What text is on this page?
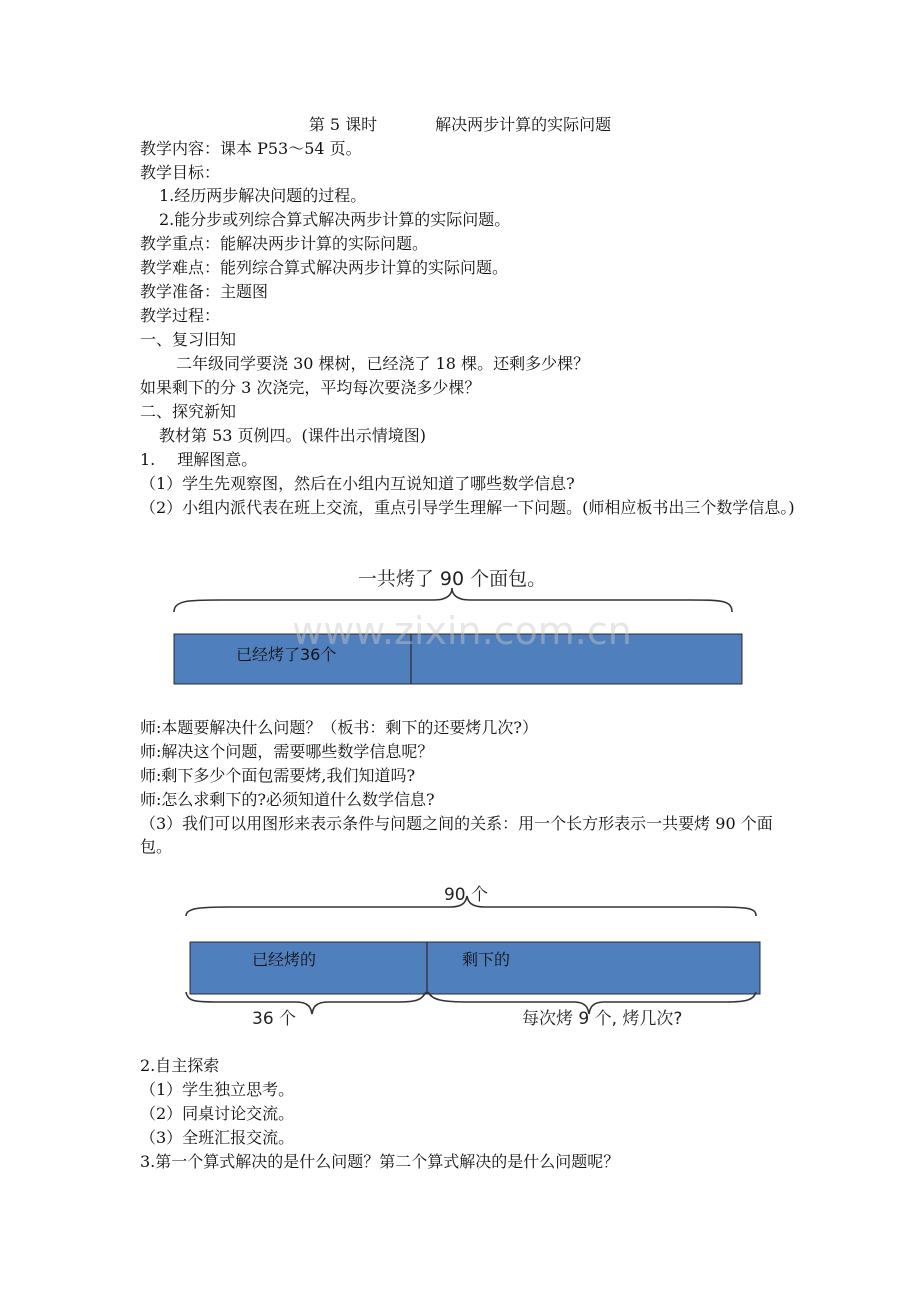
第 5 课时	解决两步计算的实际问题
教学内容：课本 P53～54 页。
教学目标：
1.经历两步解决问题的过程。
2.能分步或列综合算式解决两步计算的实际问题。
教学重点：能解决两步计算的实际问题。
教学难点：能列综合算式解决两步计算的实际问题。
教学准备：主题图
教学过程：
一、复习旧知
二年级同学要浇 30 棵树，已经浇了 18 棵。还剩多少棵？
如果剩下的分 3 次浇完，平均每次要浇多少棵？
二、探究新知
教材第 53 页例四。(课件出示情境图)
1. 理解图意。
（1）学生先观察图，然后在小组内互说知道了哪些数学信息?
（2）小组内派代表在班上交流，重点引导学生理解一下问题。(师相应板书出三个数学信息。)
一共烤了 90 个面包。
已经烤了36个
www.zixin.com.cn
师:本题要解决什么问题？（板书：剩下的还要烤几次?）
师:解决这个问题，需要哪些数学信息呢？
师:剩下多少个面包需要烤,我们知道吗?
师:怎么求剩下的?必须知道什么数学信息?
（3）我们可以用图形来表示条件与问题之间的关系：用一个长方形表示一共要烤 90 个面包。
90 个
已经烤的	剩下的
36 个	每次烤 9 个, 烤几次?
2.自主探索
（1）学生独立思考。
（2）同桌讨论交流。
（3）全班汇报交流。
3.第一个算式解决的是什么问题？第二个算式解决的是什么问题呢？
